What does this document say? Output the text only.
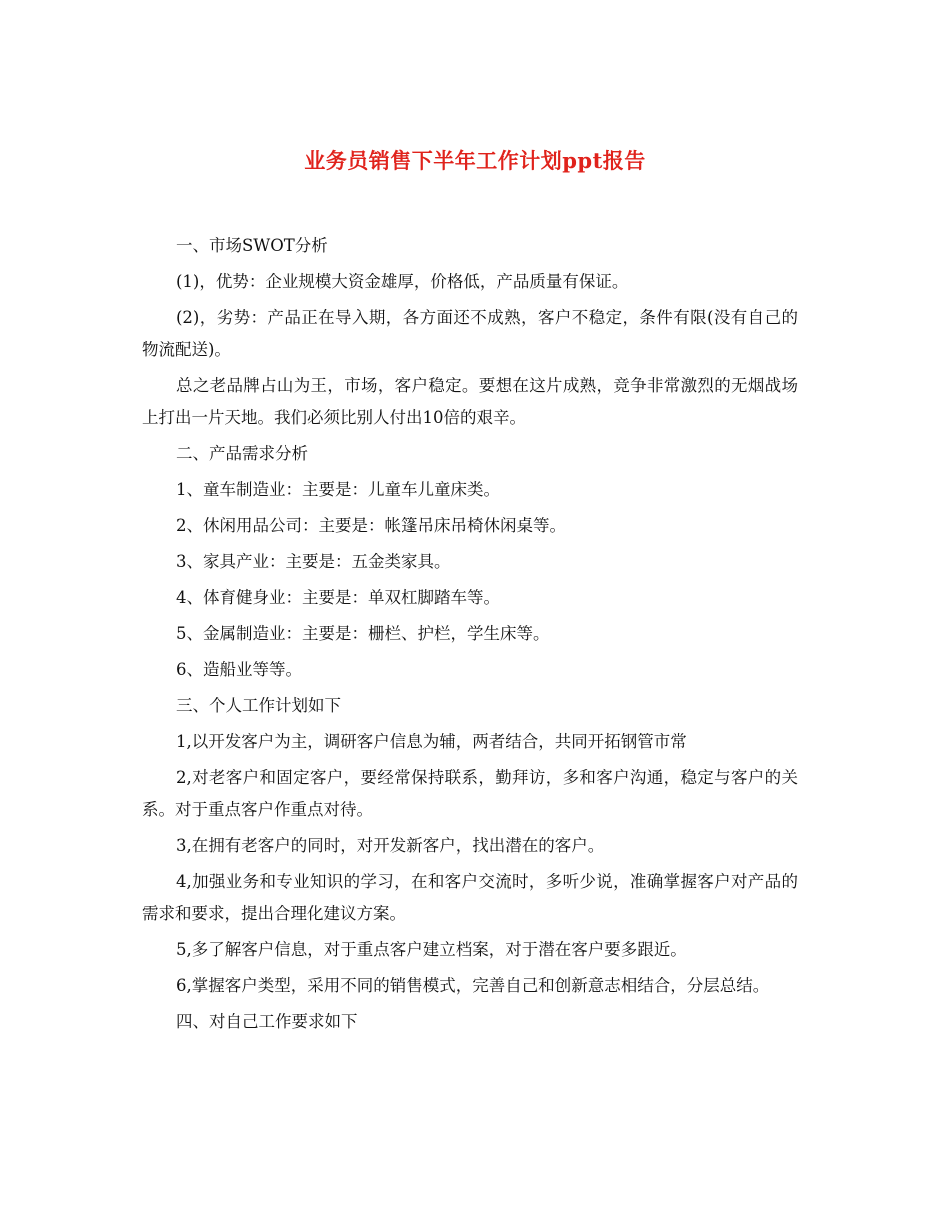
业务员销售下半年工作计划ppt报告

一、市场SWOT分析

(1)，优势：企业规模大资金雄厚，价格低，产品质量有保证。

(2)，劣势：产品正在导入期，各方面还不成熟，客户不稳定，条件有限(没有自己的物流配送)。

总之老品牌占山为王，市场，客户稳定。要想在这片成熟，竞争非常激烈的无烟战场上打出一片天地。我们必须比别人付出10倍的艰辛。

二、产品需求分析

1、童车制造业：主要是：儿童车儿童床类。

2、休闲用品公司：主要是：帐篷吊床吊椅休闲桌等。

3、家具产业：主要是：五金类家具。

4、体育健身业：主要是：单双杠脚踏车等。

5、金属制造业：主要是：栅栏、护栏，学生床等。

6、造船业等等。

三、个人工作计划如下

1,以开发客户为主，调研客户信息为辅，两者结合，共同开拓钢管市常

2,对老客户和固定客户，要经常保持联系，勤拜访，多和客户沟通，稳定与客户的关系。对于重点客户作重点对待。

3,在拥有老客户的同时，对开发新客户，找出潜在的客户。

4,加强业务和专业知识的学习，在和客户交流时，多听少说，准确掌握客户对产品的需求和要求，提出合理化建议方案。

5,多了解客户信息，对于重点客户建立档案，对于潜在客户要多跟近。

6,掌握客户类型，采用不同的销售模式，完善自己和创新意志相结合，分层总结。

四、对自己工作要求如下
